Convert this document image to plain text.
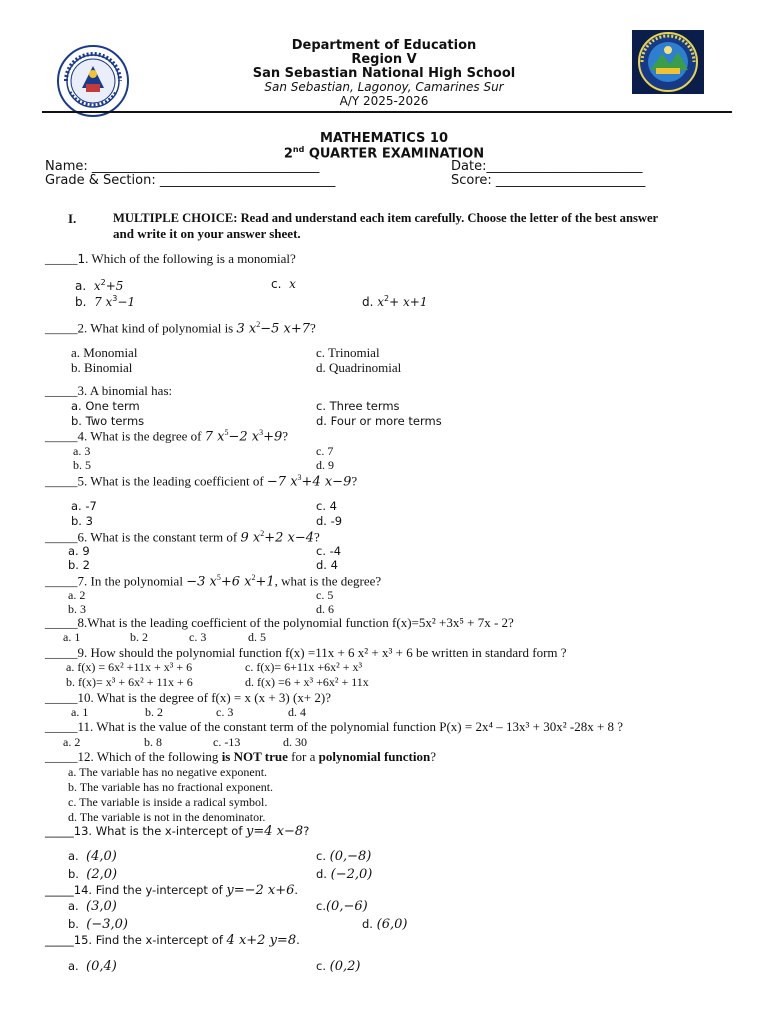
Department of Education
Region V
San Sebastian National High School
San Sebastian, Lagonoy, Camarines Sur
A/Y 2025-2026
MATHEMATICS 10
2nd QUARTER EXAMINATION
Name: ___________________________________	Date:________________________
Grade & Section: ___________________________	Score: _______________________
I.	MULTIPLE CHOICE: Read and understand each item carefully. Choose the letter of the best answer
and write it on your answer sheet.
_____1. Which of the following is a monomial?
a. $x^2+5$	c. x
b. 7 $x^3-1$	d. $x^2+ x+1$
_____2. What kind of polynomial is 3 $x^2-5$ x+7?
a. Monomial	c. Trinomial
b. Binomial	d. Quadrinomial
_____3. A binomial has:
a. One term	c. Three terms
b. Two terms	d. Four or more terms
_____4. What is the degree of 7 $x^5-2$ $x^3+9$?
a. 3	c. 7
b. 5	d. 9
_____5. What is the leading coefficient of −7 $x^3+4$ x−9?
a. -7	c. 4
b. 3	d. -9
_____6. What is the constant term of 9 $x^2+2$ x−4?
a. 9	c. -4
b. 2	d. 4
_____7. In the polynomial −3 $x^5+6$ $x^2+1$, what is the degree?
a. 2	c. 5
b. 3	d. 6
_____8.What is the leading coefficient of the polynomial function f(x)=5x² +3x⁵ + 7x - 2?
a. 1	b. 2	c. 3	d. 5
_____9. How should the polynomial function f(x) =11x + 6 x² + x³ + 6 be written in standard form ?
a. f(x) = 6x² +11x + x³ + 6	c. f(x)= 6+11x +6x² + x³
b. f(x)= x³ + 6x² + 11x + 6	d. f(x) =6 + x³ +6x² + 11x
_____10. What is the degree of f(x) = x (x + 3) (x+ 2)?
a. 1	b. 2	c. 3	d. 4
_____11. What is the value of the constant term of the polynomial function P(x) = 2x⁴ – 13x³ + 30x² -28x + 8 ?
a. 2	b. 8	c. -13	d. 30
_____12. Which of the following is NOT true for a polynomial function?
a. The variable has no negative exponent.
b. The variable has no fractional exponent.
c. The variable is inside a radical symbol.
d. The variable is not in the denominator.
_____13. What is the x-intercept of y=4 x−8?
a. (4,0)	c. (0,−8)
b. (2,0)	d. (−2,0)
_____14. Find the y-intercept of y=−2 x+6.
a. (3,0)	c.(0,−6)
b. (−3,0)	d. (6,0)
_____15. Find the x-intercept of 4 x+2 y=8.
a. (0,4)	c. (0,2)
